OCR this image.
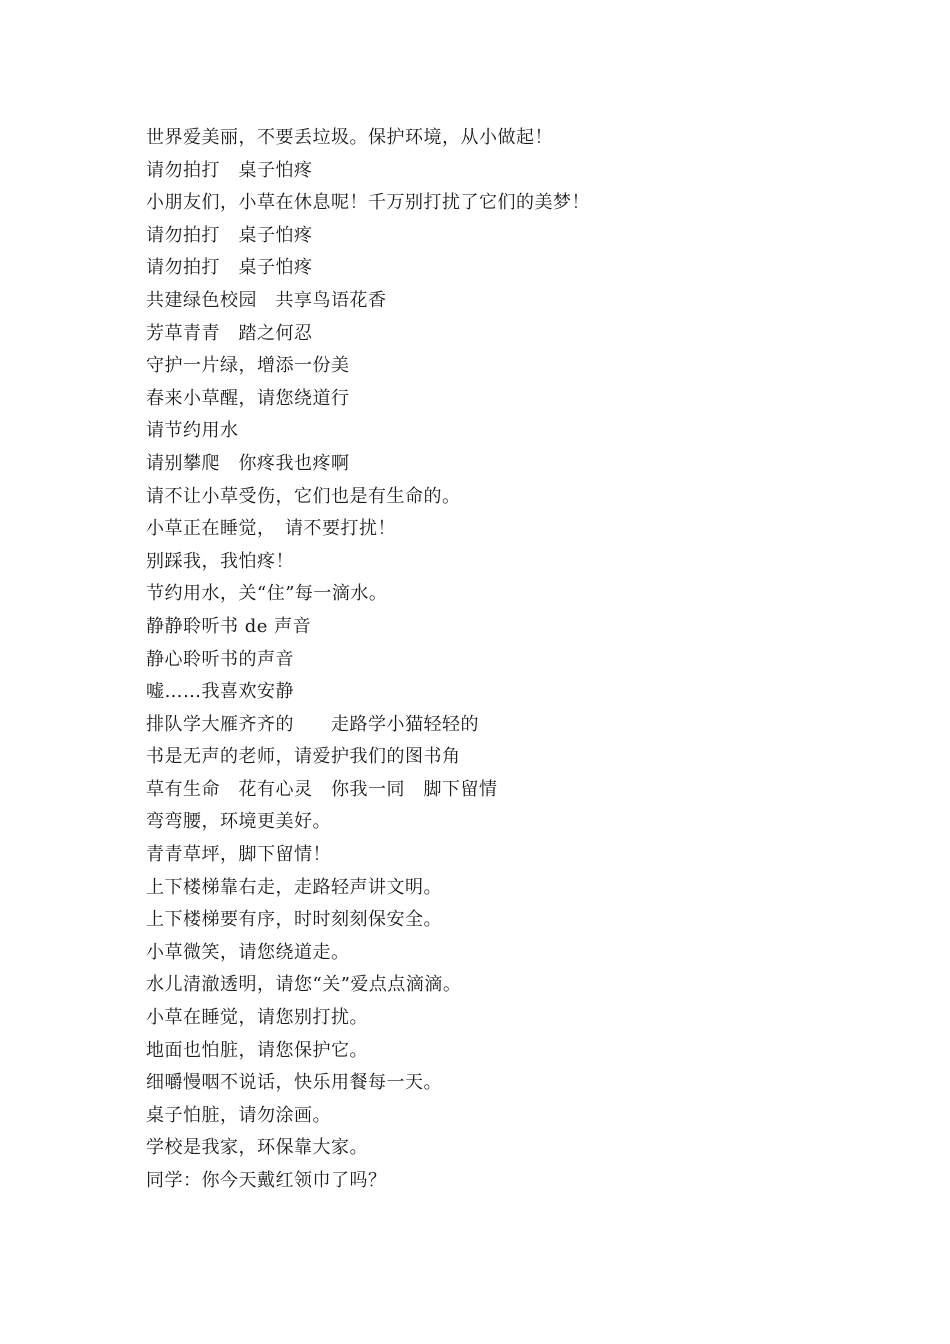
世界爱美丽，不要丢垃圾。保护环境，从小做起！
请勿拍打　桌子怕疼
小朋友们，小草在休息呢！千万别打扰了它们的美梦！
请勿拍打　桌子怕疼
请勿拍打　桌子怕疼
共建绿色校园　共享鸟语花香
芳草青青　踏之何忍
守护一片绿，增添一份美
春来小草醒，请您绕道行
请节约用水
请别攀爬　你疼我也疼啊
请不让小草受伤，它们也是有生命的。
小草正在睡觉，　请不要打扰！
别踩我，我怕疼！
节约用水，关“住”每一滴水。
静静聆听书 de 声音
静心聆听书的声音
嘘……我喜欢安静
排队学大雁齐齐的　　走路学小猫轻轻的
书是无声的老师，请爱护我们的图书角
草有生命　花有心灵　你我一同　脚下留情
弯弯腰，环境更美好。
青青草坪，脚下留情！
上下楼梯靠右走，走路轻声讲文明。
上下楼梯要有序，时时刻刻保安全。
小草微笑，请您绕道走。
水儿清澈透明，请您“关”爱点点滴滴。
小草在睡觉，请您别打扰。
地面也怕脏，请您保护它。
细嚼慢咽不说话，快乐用餐每一天。
桌子怕脏，请勿涂画。
学校是我家，环保靠大家。
同学：你今天戴红领巾了吗？
